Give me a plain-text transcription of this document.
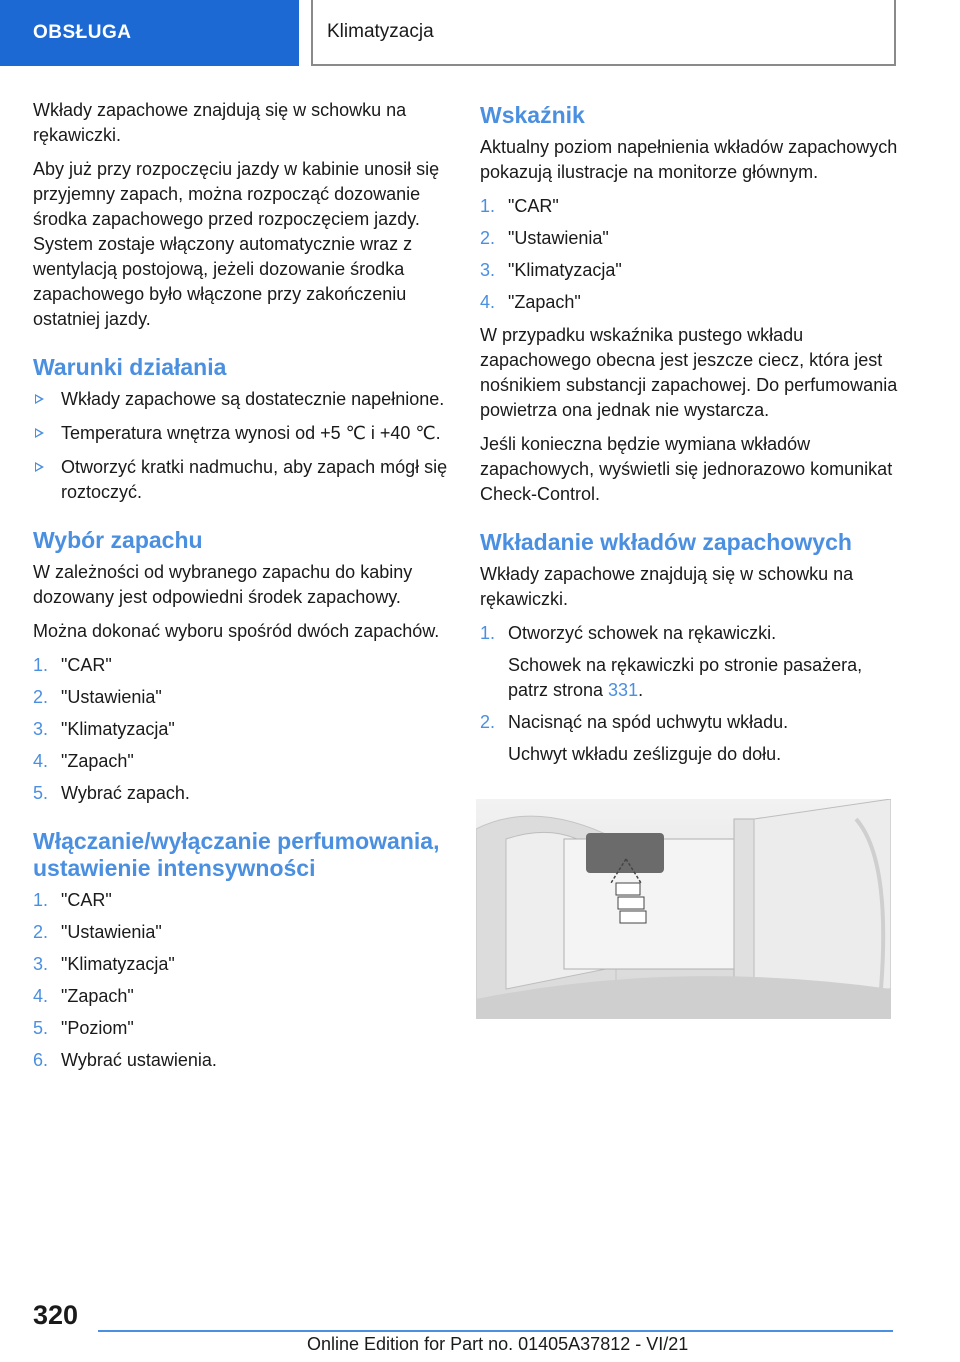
OBSŁUGA	Klimatyzacja

Wkłady zapachowe znajdują się w schowku na rękawiczki.

Aby już przy rozpoczęciu jazdy w kabinie unosił się przyjemny zapach, można rozpocząć dozowanie środka zapachowego przed rozpoczęciem jazdy. System zostaje włączony automatycznie wraz z wentylacją postojową, jeżeli dozowanie środka zapachowego było włączone przy zakończeniu ostatniej jazdy.

Warunki działania
Wkłady zapachowe są dostatecznie napełnione.
Temperatura wnętrza wynosi od +5 ℃ i +40 ℃.
Otworzyć kratki nadmuchu, aby zapach mógł się roztoczyć.
Wybór zapachu

W zależności od wybranego zapachu do kabiny dozowany jest odpowiedni środek zapachowy.

Można dokonać wyboru spośród dwóch zapachów.

1. "CAR"
2. "Ustawienia"
3. "Klimatyzacja"
4. "Zapach"
5. Wybrać zapach.
Włączanie/wyłączanie perfumowania, ustawienie intensywności
1. "CAR"
2. "Ustawienia"
3. "Klimatyzacja"
4. "Zapach"
5. "Poziom"
6. Wybrać ustawienia.
Wskaźnik

Aktualny poziom napełnienia wkładów zapachowych pokazują ilustracje na monitorze głównym.

1. "CAR"
2. "Ustawienia"
3. "Klimatyzacja"
4. "Zapach"

W przypadku wskaźnika pustego wkładu zapachowego obecna jest jeszcze ciecz, która jest nośnikiem substancji zapachowej. Do perfumowania powietrza ona jednak nie wystarcza.

Jeśli konieczna będzie wymiana wkładów zapachowych, wyświetli się jednorazowo komunikat Check-Control.

Wkładanie wkładów zapachowych

Wkłady zapachowe znajdują się w schowku na rękawiczki.

1. Otworzyć schowek na rękawiczki.
Schowek na rękawiczki po stronie pasażera, patrz strona 331.
2. Nacisnąć na spód uchwytu wkładu.
Uchwyt wkładu ześlizguje do dołu.
320
Online Edition for Part no. 01405A37812 - VI/21
